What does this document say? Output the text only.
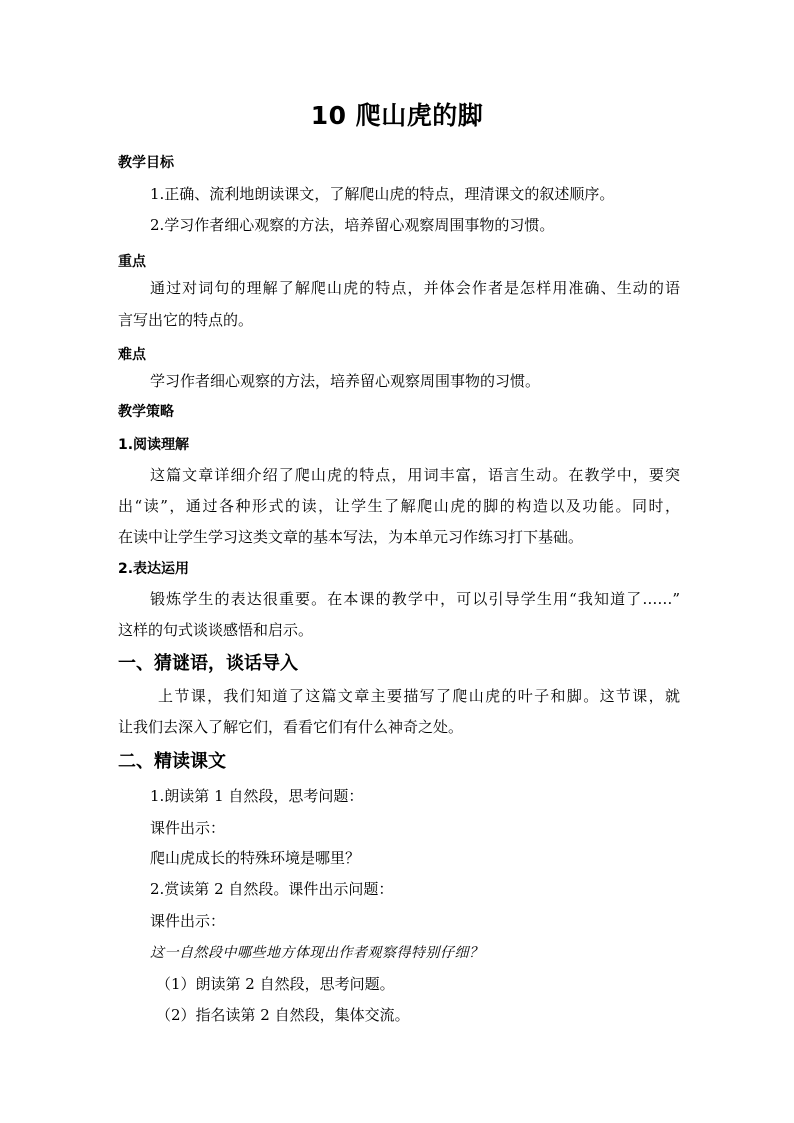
10 爬山虎的脚
教学目标
1.正确、流利地朗读课文，了解爬山虎的特点，理清课文的叙述顺序。
2.学习作者细心观察的方法，培养留心观察周围事物的习惯。
重点
通过对词句的理解了解爬山虎的特点，并体会作者是怎样用准确、生动的语
言写出它的特点的。
难点
学习作者细心观察的方法，培养留心观察周围事物的习惯。
教学策略
1.阅读理解
这篇文章详细介绍了爬山虎的特点，用词丰富，语言生动。在教学中，要突
出“读”，通过各种形式的读，让学生了解爬山虎的脚的构造以及功能。同时，
在读中让学生学习这类文章的基本写法，为本单元习作练习打下基础。
2.表达运用
锻炼学生的表达很重要。在本课的教学中，可以引导学生用“我知道了……”
这样的句式谈谈感悟和启示。
一、猜谜语，谈话导入
上节课，我们知道了这篇文章主要描写了爬山虎的叶子和脚。这节课，就
让我们去深入了解它们，看看它们有什么神奇之处。
二、精读课文
1.朗读第 1 自然段，思考问题：
课件出示：
爬山虎成长的特殊环境是哪里？
2.赏读第 2 自然段。课件出示问题：
课件出示：
这一自然段中哪些地方体现出作者观察得特别仔细？
（1）朗读第 2 自然段，思考问题。
（2）指名读第 2 自然段，集体交流。
